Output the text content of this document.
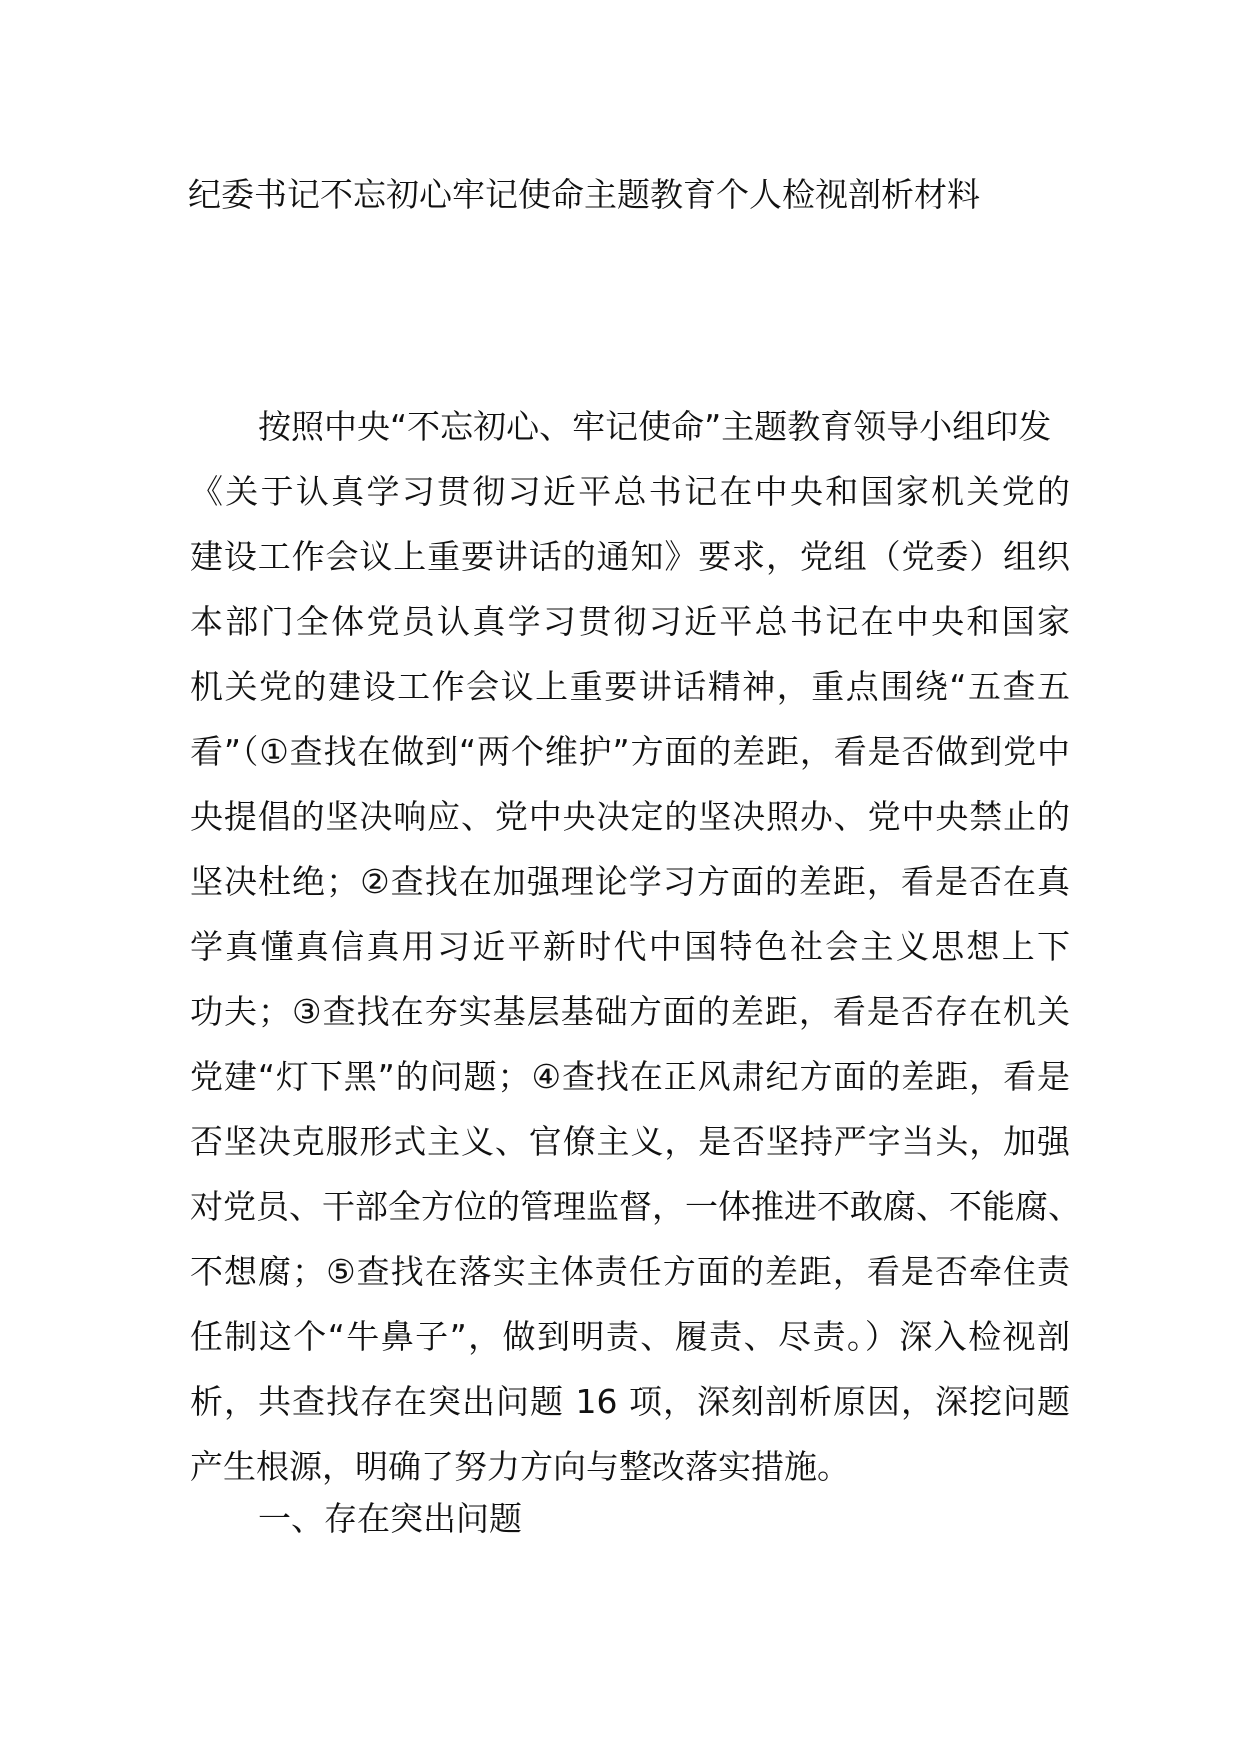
纪委书记不忘初心牢记使命主题教育个人检视剖析材料
按照中央“不忘初心、牢记使命”主题教育领导小组印发
《关于认真学习贯彻习近平总书记在中央和国家机关党的
建设工作会议上重要讲话的通知》要求，党组（党委）组织
本部门全体党员认真学习贯彻习近平总书记在中央和国家
机关党的建设工作会议上重要讲话精神，重点围绕“五查五
看”（①查找在做到“两个维护”方面的差距，看是否做到党中
央提倡的坚决响应、党中央决定的坚决照办、党中央禁止的
坚决杜绝；②查找在加强理论学习方面的差距，看是否在真
学真懂真信真用习近平新时代中国特色社会主义思想上下
功夫；③查找在夯实基层基础方面的差距，看是否存在机关
党建“灯下黑”的问题；④查找在正风肃纪方面的差距，看是
否坚决克服形式主义、官僚主义，是否坚持严字当头，加强
对党员、干部全方位的管理监督，一体推进不敢腐、不能腐、
不想腐；⑤查找在落实主体责任方面的差距，看是否牵住责
任制这个“牛鼻子”，做到明责、履责、尽责。）深入检视剖
析，共查找存在突出问题 16 项，深刻剖析原因，深挖问题
产生根源，明确了努力方向与整改落实措施。
一、存在突出问题
